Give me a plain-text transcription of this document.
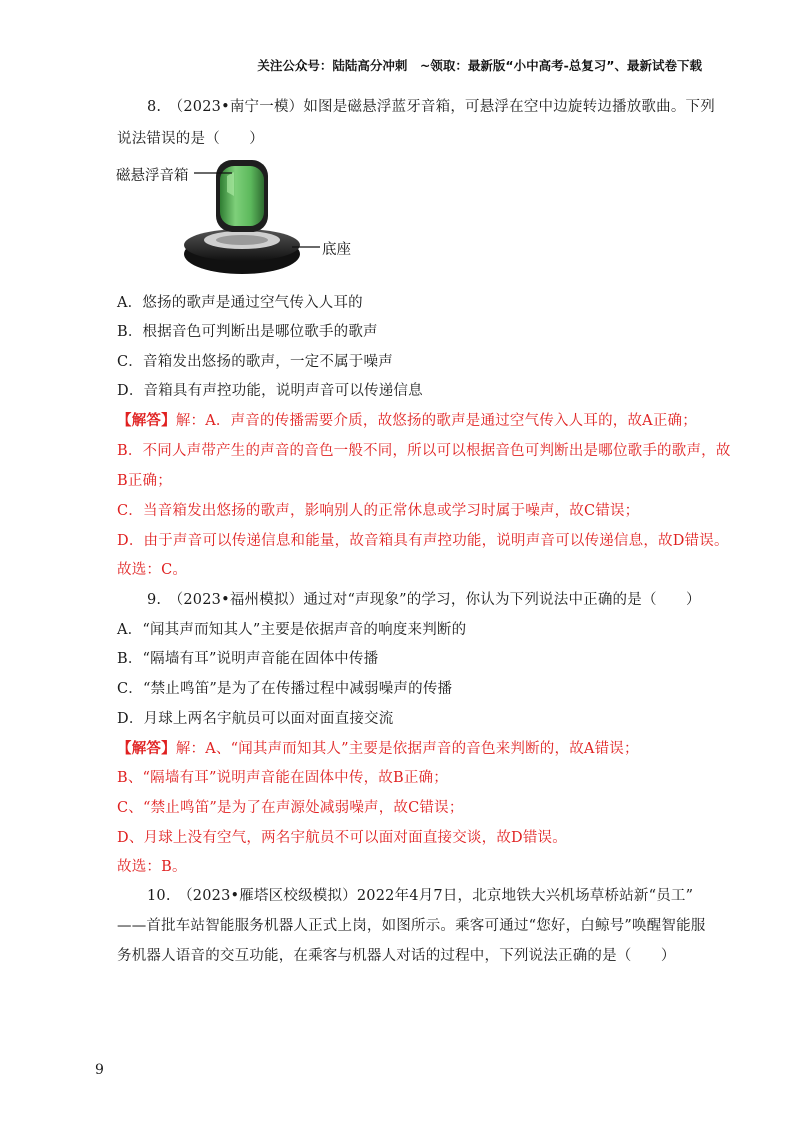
关注公众号：陆陆高分冲刺　~领取：最新版“小中高考-总复习”、最新试卷下载
8.　（2023•南宁一模）如图是磁悬浮蓝牙音箱，可悬浮在空中边旋转边播放歌曲。下列
说法错误的是（　　）
磁悬浮音箱
底座
A．悠扬的歌声是通过空气传入人耳的
B．根据音色可判断出是哪位歌手的歌声
C．音箱发出悠扬的歌声，一定不属于噪声
D．音箱具有声控功能，说明声音可以传递信息
【解答】解：A．声音的传播需要介质，故悠扬的歌声是通过空气传入人耳的，故A正确；
B．不同人声带产生的声音的音色一般不同，所以可以根据音色可判断出是哪位歌手的歌声，故
B正确；
C．当音箱发出悠扬的歌声，影响别人的正常休息或学习时属于噪声，故C错误；
D．由于声音可以传递信息和能量，故音箱具有声控功能，说明声音可以传递信息，故D错误。
故选：C。
9.　（2023•福州模拟）通过对“声现象”的学习，你认为下列说法中正确的是（　　）
A．“闻其声而知其人”主要是依据声音的响度来判断的
B．“隔墙有耳”说明声音能在固体中传播
C．“禁止鸣笛”是为了在传播过程中减弱噪声的传播
D．月球上两名宇航员可以面对面直接交流
【解答】解：A、“闻其声而知其人”主要是依据声音的音色来判断的，故A错误；
B、“隔墙有耳”说明声音能在固体中传，故B正确；
C、“禁止鸣笛”是为了在声源处减弱噪声，故C错误；
D、月球上没有空气，两名宇航员不可以面对面直接交谈，故D错误。
故选：B。
10.　（2023•雁塔区校级模拟）2022年4月7日，北京地铁大兴机场草桥站新“员工”
——首批车站智能服务机器人正式上岗，如图所示。乘客可通过“您好，白鲸号”唤醒智能服
务机器人语音的交互功能，在乘客与机器人对话的过程中，下列说法正确的是（　　）
9
